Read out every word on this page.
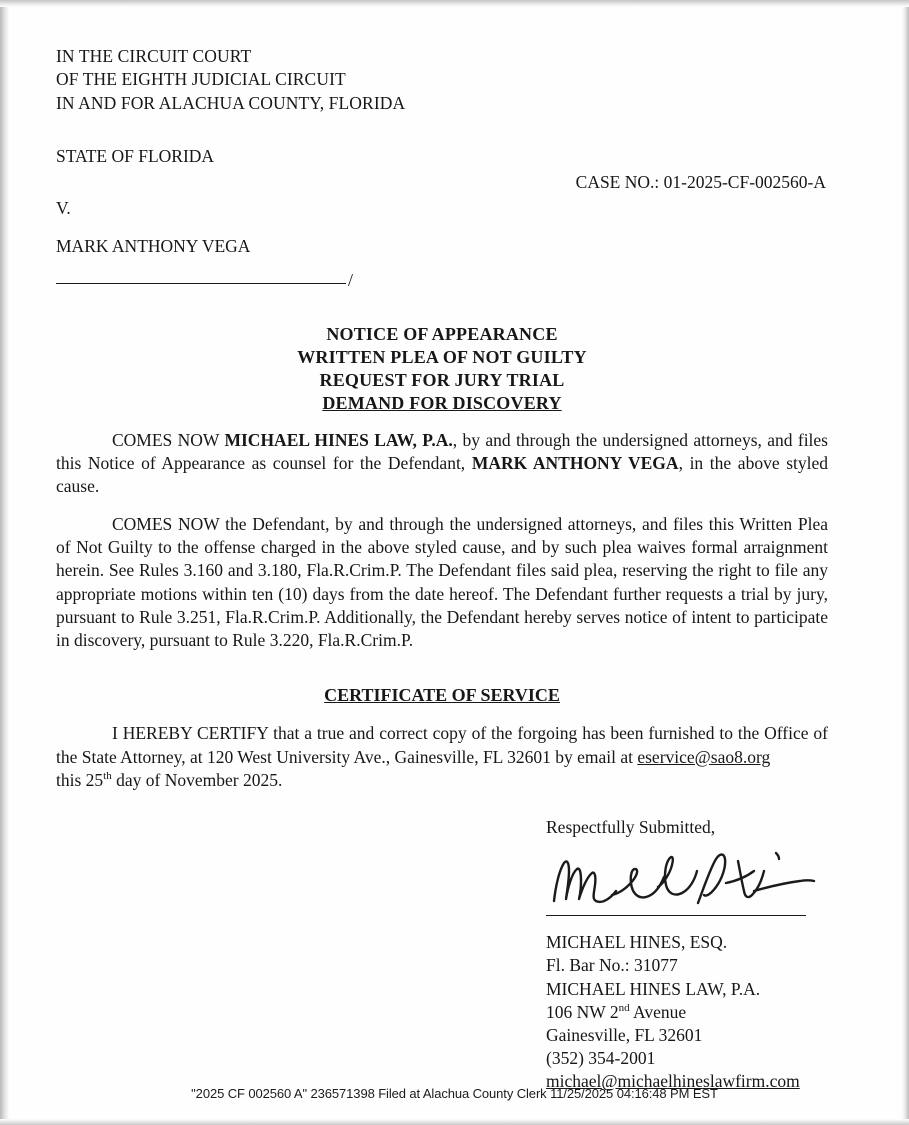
IN THE CIRCUIT COURT
OF THE EIGHTH JUDICIAL CIRCUIT
IN AND FOR ALACHUA COUNTY, FLORIDA
STATE OF FLORIDA
CASE NO.: 01-2025-CF-002560-A
V.
MARK ANTHONY VEGA
/
NOTICE OF APPEARANCE
WRITTEN PLEA OF NOT GUILTY
REQUEST FOR JURY TRIAL
DEMAND FOR DISCOVERY

COMES NOW MICHAEL HINES LAW, P.A., by and through the undersigned attorneys, and files this Notice of Appearance as counsel for the Defendant, MARK ANTHONY VEGA, in the above styled cause.

COMES NOW the Defendant, by and through the undersigned attorneys, and files this Written Plea of Not Guilty to the offense charged in the above styled cause, and by such plea waives formal arraignment herein. See Rules 3.160 and 3.180, Fla.R.Crim.P. The Defendant files said plea, reserving the right to file any appropriate motions within ten (10) days from the date hereof. The Defendant further requests a trial by jury, pursuant to Rule 3.251, Fla.R.Crim.P. Additionally, the Defendant hereby serves notice of intent to participate in discovery, pursuant to Rule 3.220, Fla.R.Crim.P.

CERTIFICATE OF SERVICE

I HEREBY CERTIFY that a true and correct copy of the forgoing has been furnished to the Office of the State Attorney, at 120 West University Ave., Gainesville, FL 32601 by email at eservice@sao8.org
this 25th day of November 2025.

Respectfully Submitted,
MICHAEL HINES, ESQ.
Fl. Bar No.: 31077
MICHAEL HINES LAW, P.A.
106 NW 2nd Avenue
Gainesville, FL 32601
(352) 354-2001
michael@michaelhineslawfirm.com
"2025 CF 002560 A" 236571398 Filed at Alachua County Clerk 11/25/2025 04:16:48 PM EST
